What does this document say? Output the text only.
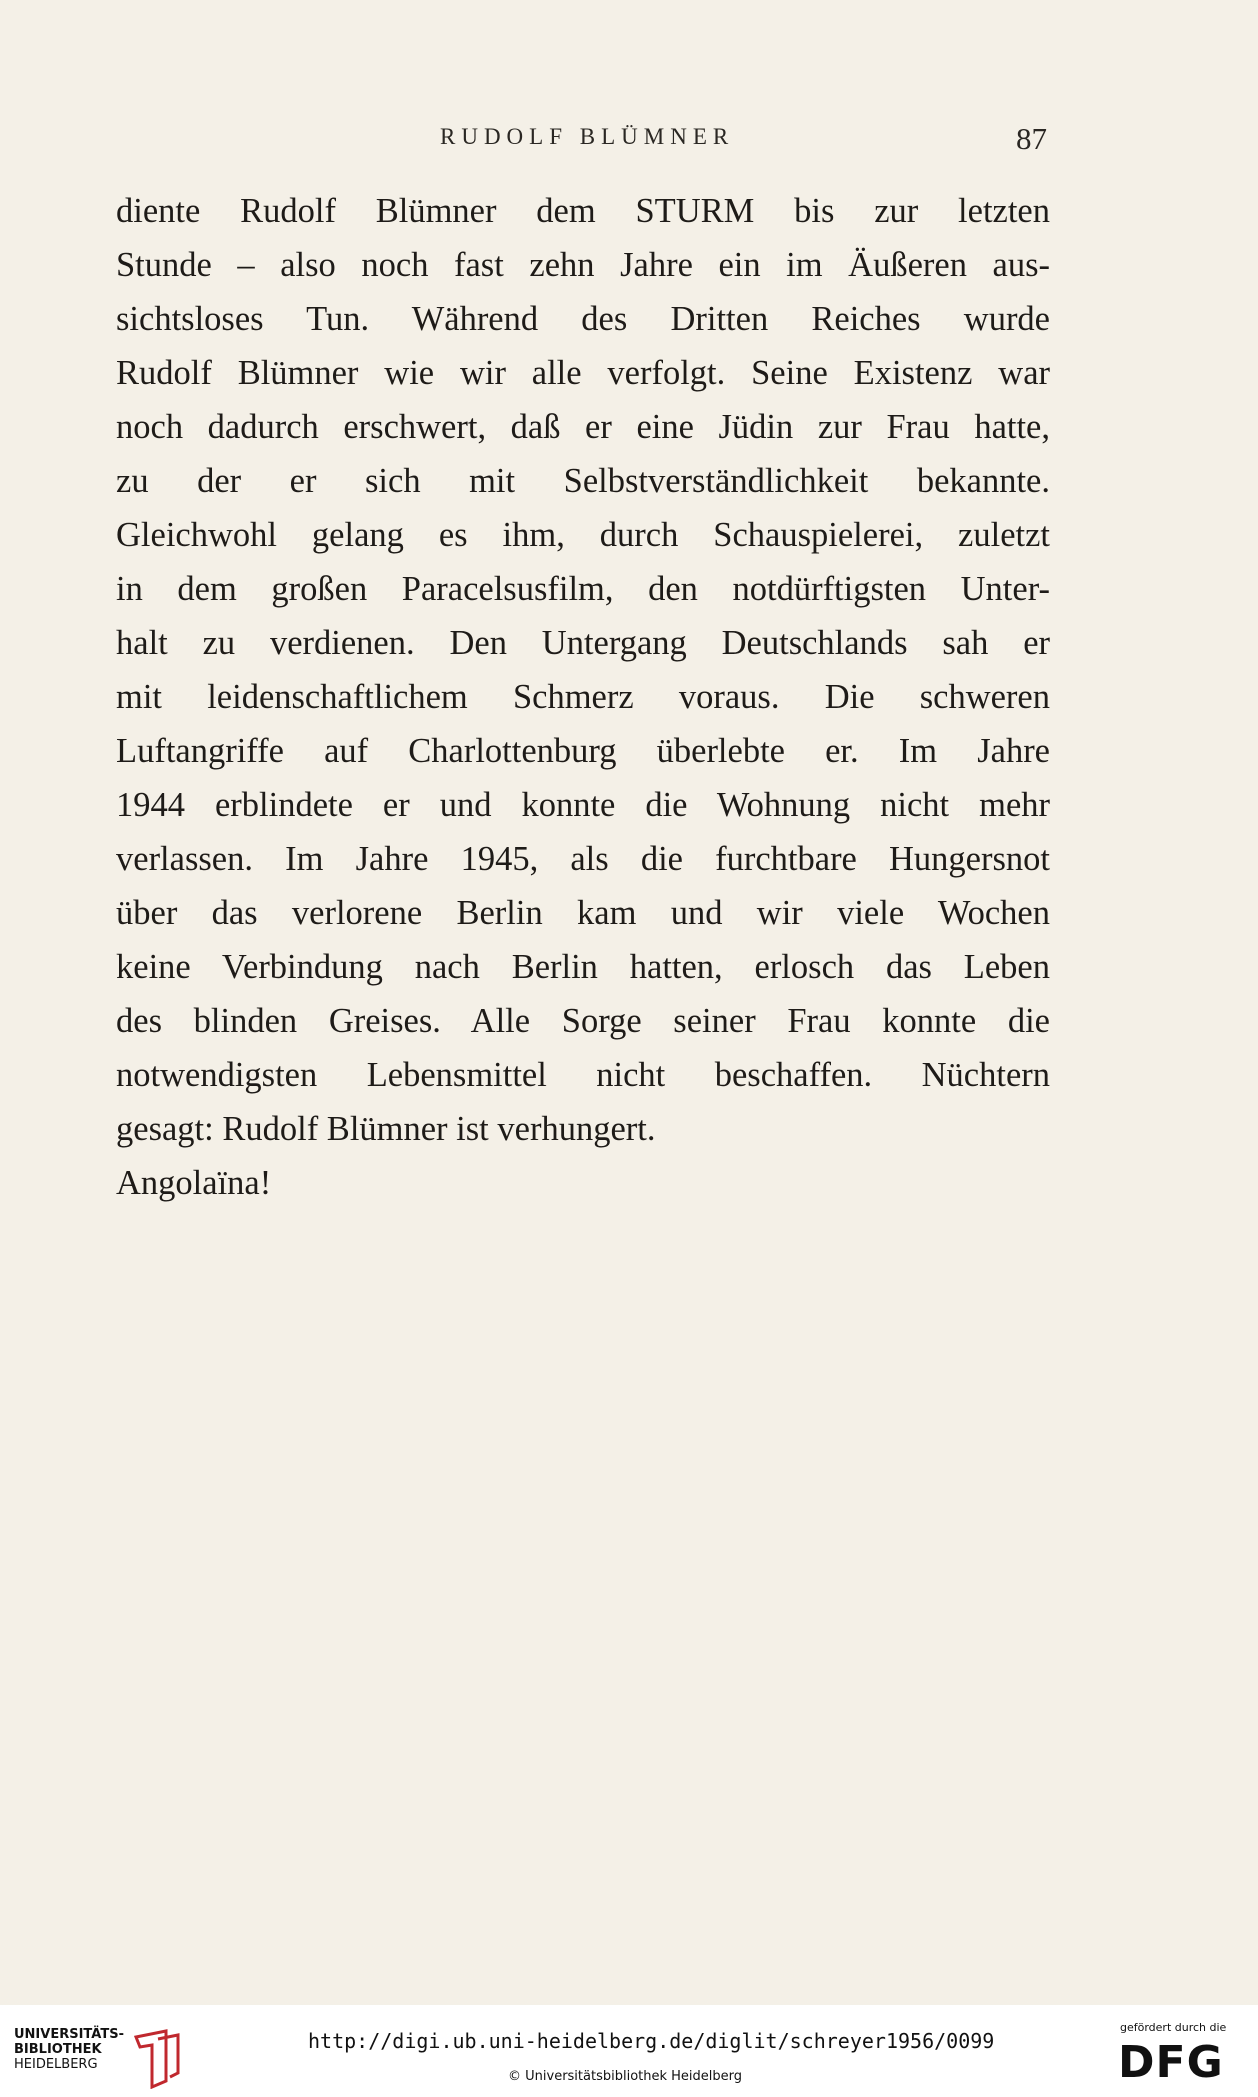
RUDOLF BLÜMNER	87
diente Rudolf Blümner dem STURM bis zur letzten
Stunde – also noch fast zehn Jahre ein im Äußeren aus-
sichtsloses Tun. Während des Dritten Reiches wurde
Rudolf Blümner wie wir alle verfolgt. Seine Existenz war
noch dadurch erschwert, daß er eine Jüdin zur Frau hatte,
zu der er sich mit Selbstverständlichkeit bekannte.
Gleichwohl gelang es ihm, durch Schauspielerei, zuletzt
in dem großen Paracelsusfilm, den notdürftigsten Unter-
halt zu verdienen. Den Untergang Deutschlands sah er
mit leidenschaftlichem Schmerz voraus. Die schweren
Luftangriffe auf Charlottenburg überlebte er. Im Jahre
1944 erblindete er und konnte die Wohnung nicht mehr
verlassen. Im Jahre 1945, als die furchtbare Hungersnot
über das verlorene Berlin kam und wir viele Wochen
keine Verbindung nach Berlin hatten, erlosch das Leben
des blinden Greises. Alle Sorge seiner Frau konnte die
notwendigsten Lebensmittel nicht beschaffen. Nüchtern
gesagt: Rudolf Blümner ist verhungert.
Angolaïna!
UNIVERSITÄTS-
BIBLIOTHEK
HEIDELBERG
http://digi.ub.uni-heidelberg.de/diglit/schreyer1956/0099
© Universitätsbibliothek Heidelberg
gefördert durch die
DFG
